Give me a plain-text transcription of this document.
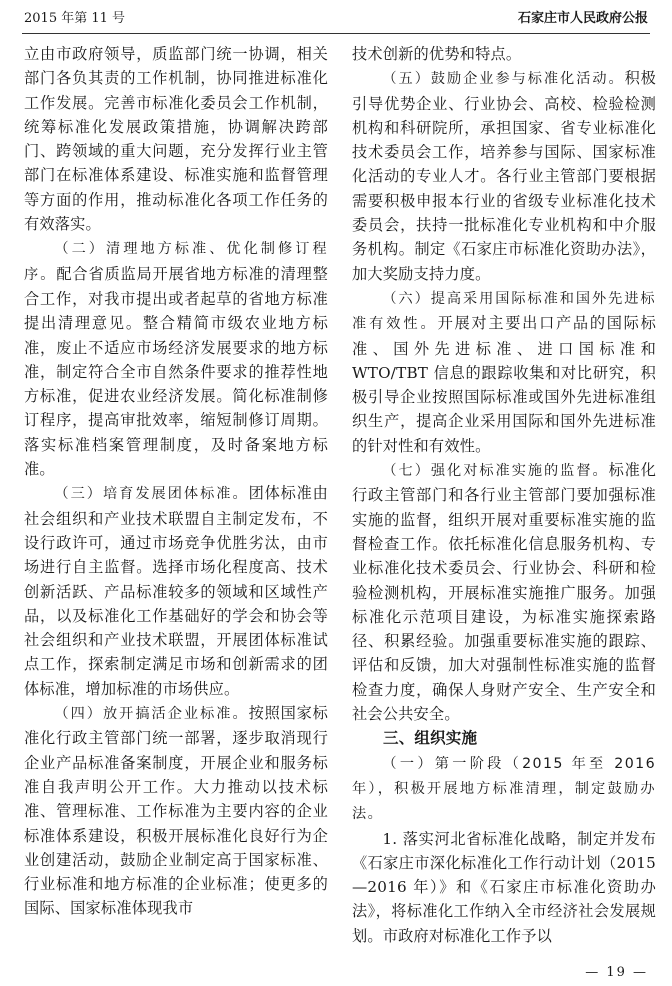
2015 年第 11 号	石家庄市人民政府公报

立由市政府领导，质监部门统一协调，相关部门各负其责的工作机制，协同推进标准化工作发展。完善市标准化委员会工作机制，统筹标准化发展政策措施，协调解决跨部门、跨领域的重大问题，充分发挥行业主管部门在标准体系建设、标准实施和监督管理等方面的作用，推动标准化各项工作任务的有效落实。

（二）清理地方标准、优化制修订程序。配合省质监局开展省地方标准的清理整合工作，对我市提出或者起草的省地方标准提出清理意见。整合精简市级农业地方标准，废止不适应市场经济发展要求的地方标准，制定符合全市自然条件要求的推荐性地方标准，促进农业经济发展。简化标准制修订程序，提高审批效率，缩短制修订周期。落实标准档案管理制度，及时备案地方标准。

（三）培育发展团体标准。团体标准由社会组织和产业技术联盟自主制定发布，不设行政许可，通过市场竞争优胜劣汰，由市场进行自主监督。选择市场化程度高、技术创新活跃、产品标准较多的领域和区域性产品，以及标准化工作基础好的学会和协会等社会组织和产业技术联盟，开展团体标准试点工作，探索制定满足市场和创新需求的团体标准，增加标准的市场供应。

（四）放开搞活企业标准。按照国家标准化行政主管部门统一部署，逐步取消现行企业产品标准备案制度，开展企业和服务标准自我声明公开工作。大力推动以技术标准、管理标准、工作标准为主要内容的企业标准体系建设，积极开展标准化良好行为企业创建活动，鼓励企业制定高于国家标准、行业标准和地方标准的企业标准；使更多的国际、国家标准体现我市

技术创新的优势和特点。

（五）鼓励企业参与标准化活动。积极引导优势企业、行业协会、高校、检验检测机构和科研院所，承担国家、省专业标准化技术委员会工作，培养参与国际、国家标准化活动的专业人才。各行业主管部门要根据需要积极申报本行业的省级专业标准化技术委员会，扶持一批标准化专业机构和中介服务机构。制定《石家庄市标准化资助办法》，加大奖励支持力度。

（六）提高采用国际标准和国外先进标准有效性。开展对主要出口产品的国际标准、国外先进标准、进口国标准和 WTO/TBT 信息的跟踪收集和对比研究，积极引导企业按照国际标准或国外先进标准组织生产，提高企业采用国际和国外先进标准的针对性和有效性。

（七）强化对标准实施的监督。标准化行政主管部门和各行业主管部门要加强标准实施的监督，组织开展对重要标准实施的监督检查工作。依托标准化信息服务机构、专业标准化技术委员会、行业协会、科研和检验检测机构，开展标准实施推广服务。加强标准化示范项目建设，为标准实施探索路径、积累经验。加强重要标准实施的跟踪、评估和反馈，加大对强制性标准实施的监督检查力度，确保人身财产安全、生产安全和社会公共安全。

三、组织实施

（一）第一阶段（2015 年至 2016 年），积极开展地方标准清理，制定鼓励办法。

1. 落实河北省标准化战略，制定并发布《石家庄市深化标准化工作行动计划（2015—2016 年）》和《石家庄市标准化资助办法》，将标准化工作纳入全市经济社会发展规划。市政府对标准化工作予以

— 19 —
